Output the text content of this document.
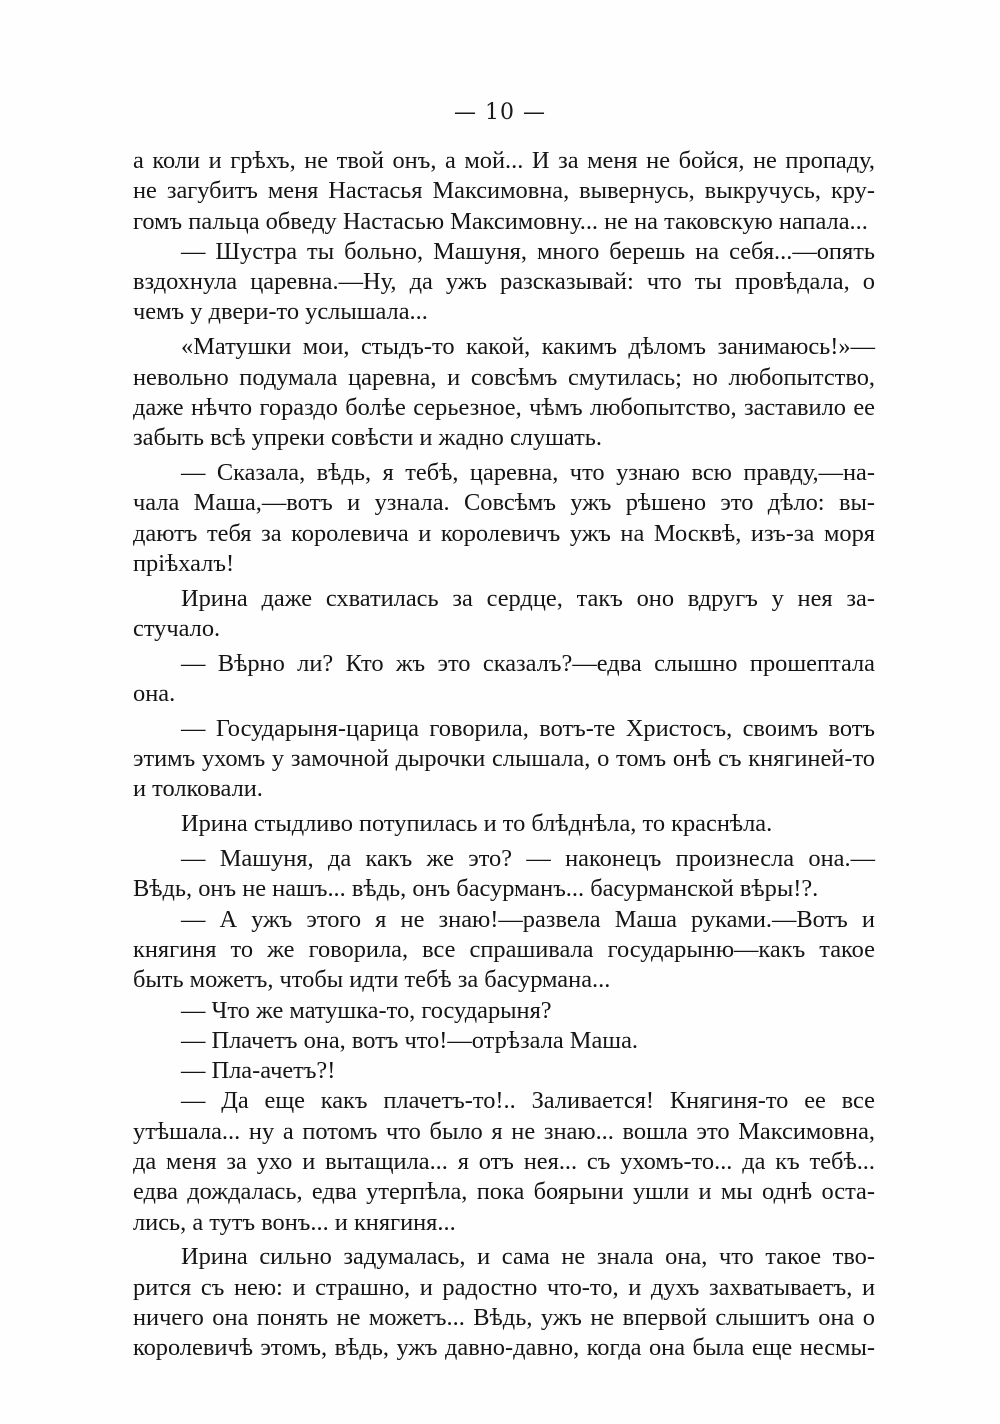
— 10 —
а коли и грѣхъ, не твой онъ, а мой... И за меня не бойся, не пропаду,
не загубитъ меня Настасья Максимовна, вывернусь, выкручусь, кру-
гомъ пальца обведу Настасью Максимовну... не на таковскую напала...
— Шустра ты больно, Машуня, много берешь на себя...—опять
вздохнула царевна.—Ну, да ужъ разсказывай: что ты провѣдала, о
чемъ у двери-то услышала...
«Матушки мои, стыдъ-то какой, какимъ дѣломъ занимаюсь!»—
невольно подумала царевна, и совсѣмъ смутилась; но любопытство,
даже нѣчто гораздо болѣе серьезное, чѣмъ любопытство, заставило ее
забыть всѣ упреки совѣсти и жадно слушать.
— Сказала, вѣдь, я тебѣ, царевна, что узнаю всю правду,—на-
чала Маша,—вотъ и узнала. Совсѣмъ ужъ рѣшено это дѣло: вы-
даютъ тебя за королевича и королевичъ ужъ на Москвѣ, изъ-за моря
пріѣхалъ!
Ирина даже схватилась за сердце, такъ оно вдругъ у нея за-
стучало.
— Вѣрно ли? Кто жъ это сказалъ?—едва слышно прошептала
она.
— Государыня-царица говорила, вотъ-те Христосъ, своимъ вотъ
этимъ ухомъ у замочной дырочки слышала, о томъ онѣ съ княгиней-то
и толковали.
Ирина стыдливо потупилась и то блѣднѣла, то краснѣла.
— Машуня, да какъ же это? — наконецъ произнесла она.—
Вѣдь, онъ не нашъ... вѣдь, онъ басурманъ... басурманской вѣры!?.
— А ужъ этого я не знаю!—развела Маша руками.—Вотъ и
княгиня то же говорила, все спрашивала государыню—какъ такое
быть можетъ, чтобы идти тебѣ за басурмана...
— Что же матушка-то, государыня?
— Плачетъ она, вотъ что!—отрѣзала Маша.
— Пла-ачетъ?!
— Да еще какъ плачетъ-то!.. Заливается! Княгиня-то ее все
утѣшала... ну а потомъ что было я не знаю... вошла это Максимовна,
да меня за ухо и вытащила... я отъ нея... съ ухомъ-то... да къ тебѣ...
едва дождалась, едва утерпѣла, пока боярыни ушли и мы однѣ оста-
лись, а тутъ вонъ... и княгиня...
Ирина сильно задумалась, и сама не знала она, что такое тво-
рится съ нею: и страшно, и радостно что-то, и духъ захватываетъ, и
ничего она понять не можетъ... Вѣдь, ужъ не впервой слышитъ она о
королевичѣ этомъ, вѣдь, ужъ давно-давно, когда она была еще несмы-
